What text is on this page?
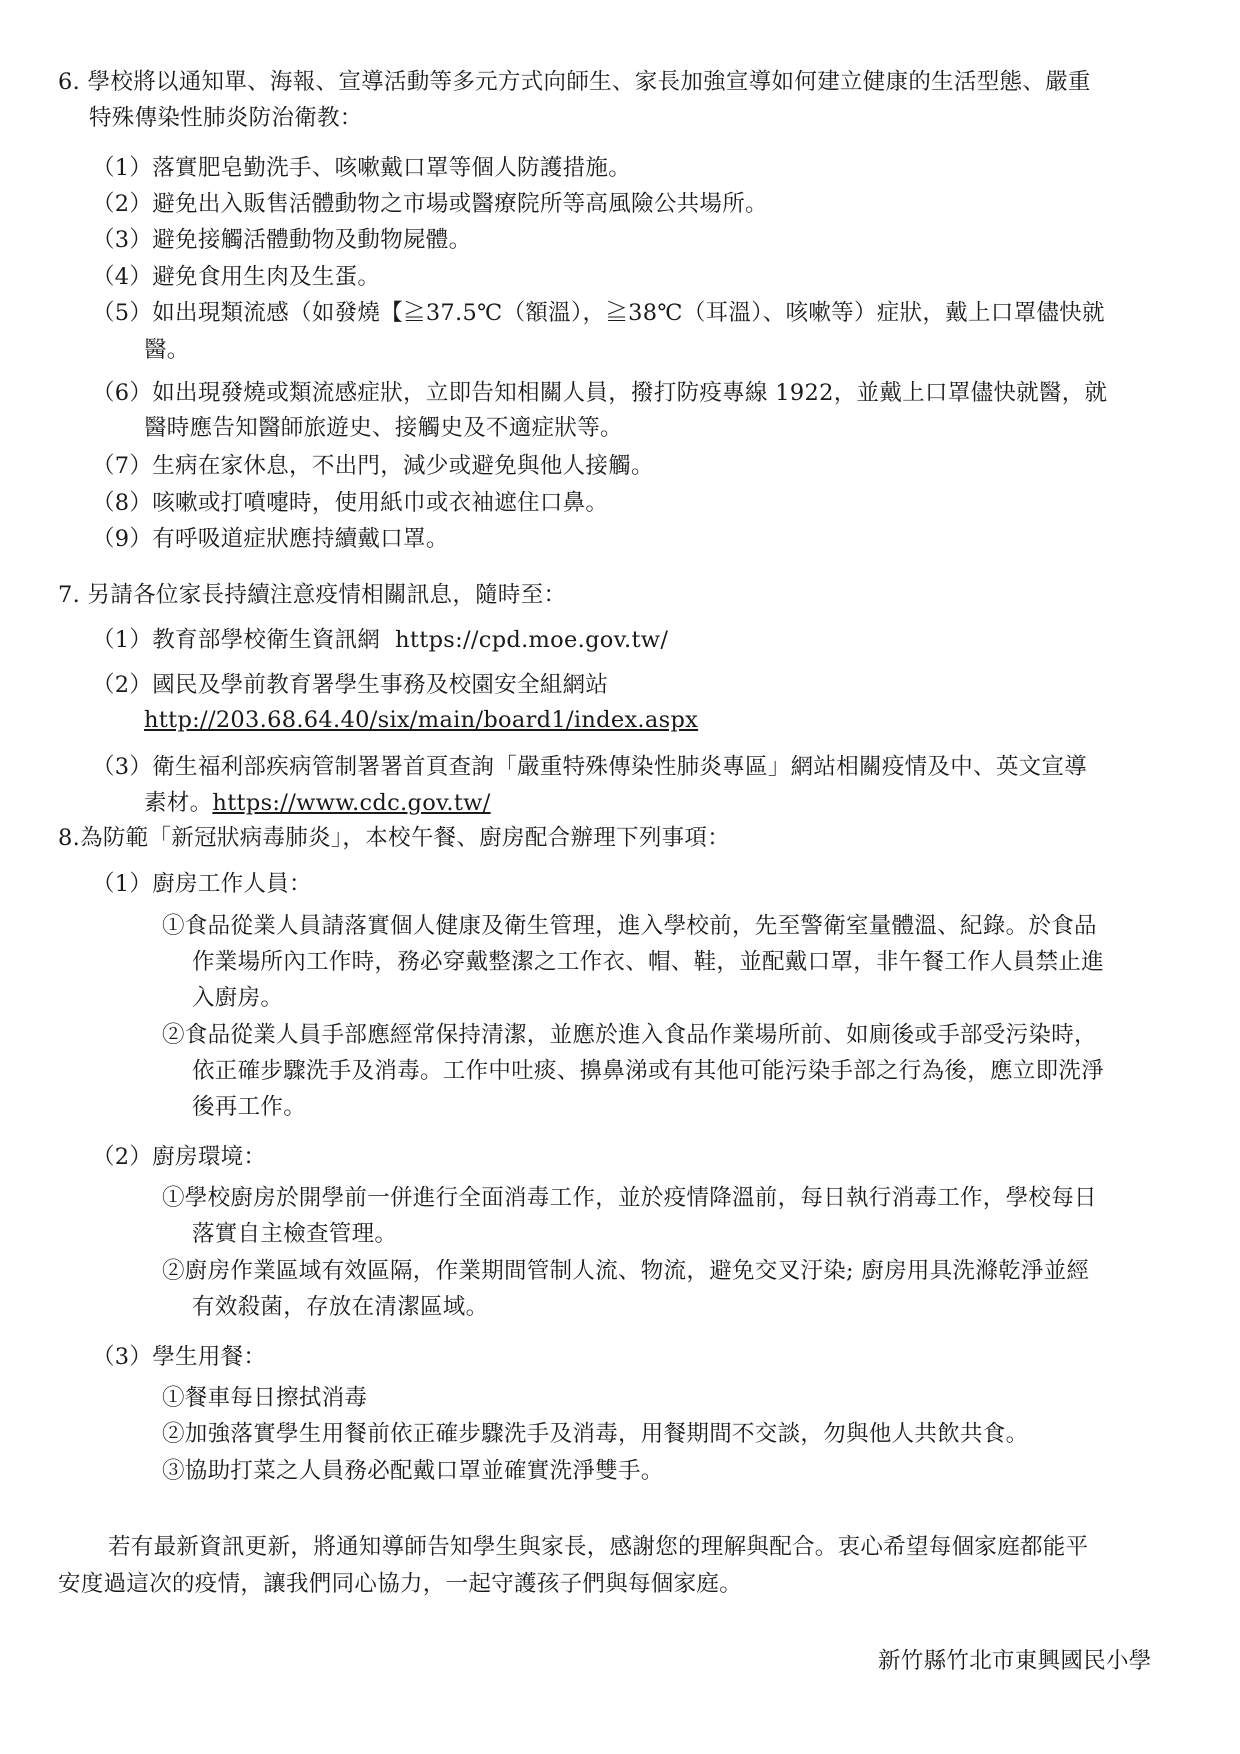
6. 學校將以通知單、海報、宣導活動等多元方式向師生、家長加強宣導如何建立健康的生活型態、嚴重
特殊傳染性肺炎防治衛教：
（1）落實肥皂勤洗手、咳嗽戴口罩等個人防護措施。
（2）避免出入販售活體動物之市場或醫療院所等高風險公共場所。
（3）避免接觸活體動物及動物屍體。
（4）避免食用生肉及生蛋。
（5）如出現類流感（如發燒【≧37.5℃（額溫），≧38℃（耳溫）、咳嗽等）症狀，戴上口罩儘快就
醫。
（6）如出現發燒或類流感症狀，立即告知相關人員，撥打防疫專線 1922，並戴上口罩儘快就醫，就
醫時應告知醫師旅遊史、接觸史及不適症狀等。
（7）生病在家休息，不出門，減少或避免與他人接觸。
（8）咳嗽或打噴嚏時，使用紙巾或衣袖遮住口鼻。
（9）有呼吸道症狀應持續戴口罩。
7. 另請各位家長持續注意疫情相關訊息，隨時至：
（1）教育部學校衛生資訊網 https://cpd.moe.gov.tw/
（2）國民及學前教育署學生事務及校園安全組網站
http://203.68.64.40/six/main/board1/index.aspx
（3）衛生福利部疾病管制署署首頁查詢「嚴重特殊傳染性肺炎專區」網站相關疫情及中、英文宣導
素材。https://www.cdc.gov.tw/
8.為防範「新冠狀病毒肺炎」，本校午餐、廚房配合辦理下列事項：
（1）廚房工作人員：
①食品從業人員請落實個人健康及衛生管理，進入學校前，先至警衛室量體溫、紀錄。於食品
作業場所內工作時，務必穿戴整潔之工作衣、帽、鞋，並配戴口罩，非午餐工作人員禁止進
入廚房。
②食品從業人員手部應經常保持清潔，並應於進入食品作業場所前、如廁後或手部受污染時，
依正確步驟洗手及消毒。工作中吐痰、擤鼻涕或有其他可能污染手部之行為後，應立即洗淨
後再工作。
（2）廚房環境：
①學校廚房於開學前一併進行全面消毒工作，並於疫情降溫前，每日執行消毒工作，學校每日
落實自主檢查管理。
②廚房作業區域有效區隔，作業期間管制人流、物流，避免交叉汙染; 廚房用具洗滌乾淨並經
有效殺菌，存放在清潔區域。
（3）學生用餐：
①餐車每日擦拭消毒
②加強落實學生用餐前依正確步驟洗手及消毒，用餐期間不交談，勿與他人共飲共食。
③協助打菜之人員務必配戴口罩並確實洗淨雙手。
若有最新資訊更新，將通知導師告知學生與家長，感謝您的理解與配合。衷心希望每個家庭都能平
安度過這次的疫情，讓我們同心協力，一起守護孩子們與每個家庭。
新竹縣竹北市東興國民小學
